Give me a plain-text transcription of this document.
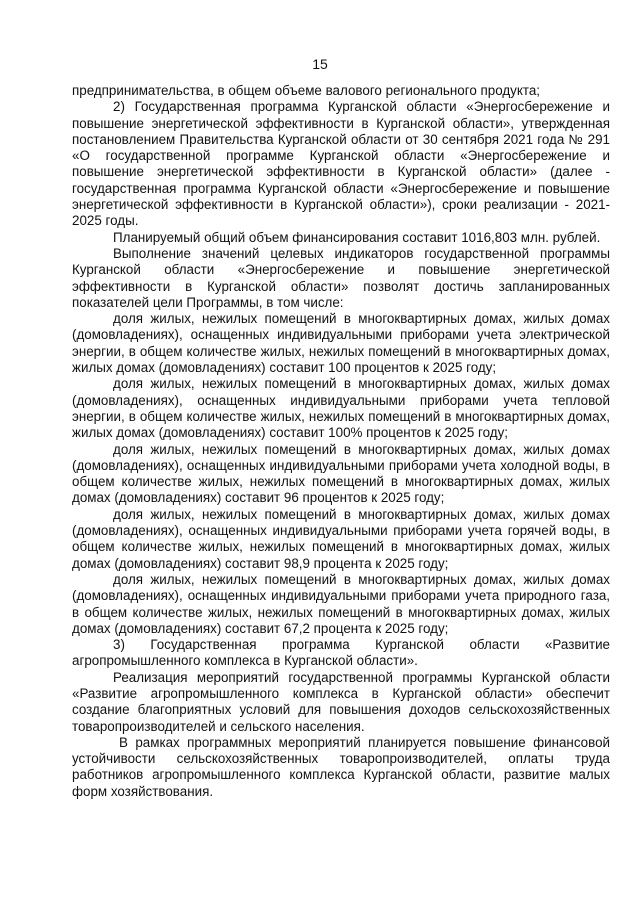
15

предпринимательства, в общем объеме валового регионального продукта;

2) Государственная программа Курганской области «Энергосбережение и повышение энергетической эффективности в Курганской области», утвержденная постановлением Правительства Курганской области от 30 сентября 2021 года № 291 «О государственной программе Курганской области «Энергосбережение и повышение энергетической эффективности в Курганской области» (далее - государственная программа Курганской области «Энергосбережение и повышение энергетической эффективности в Курганской области»), сроки реализации - 2021-2025 годы.

Планируемый общий объем финансирования составит 1016,803 млн. рублей.

Выполнение значений целевых индикаторов государственной программы Курганской области «Энергосбережение и повышение энергетической эффективности в Курганской области» позволят достичь запланированных показателей цели Программы, в том числе:

доля жилых, нежилых помещений в многоквартирных домах, жилых домах (домовладениях), оснащенных индивидуальными приборами учета электрической энергии, в общем количестве жилых, нежилых помещений в многоквартирных домах, жилых домах (домовладениях) составит 100 процентов к 2025 году;

доля жилых, нежилых помещений в многоквартирных домах, жилых домах (домовладениях), оснащенных индивидуальными приборами учета тепловой энергии, в общем количестве жилых, нежилых помещений в многоквартирных домах, жилых домах (домовладениях) составит 100% процентов к 2025 году;

доля жилых, нежилых помещений в многоквартирных домах, жилых домах (домовладениях), оснащенных индивидуальными приборами учета холодной воды, в общем количестве жилых, нежилых помещений в многоквартирных домах, жилых домах (домовладениях) составит 96 процентов к 2025 году;

доля жилых, нежилых помещений в многоквартирных домах, жилых домах (домовладениях), оснащенных индивидуальными приборами учета горячей воды, в общем количестве жилых, нежилых помещений в многоквартирных домах, жилых домах (домовладениях) составит 98,9 процента к 2025 году;

доля жилых, нежилых помещений в многоквартирных домах, жилых домах (домовладениях), оснащенных индивидуальными приборами учета природного газа, в общем количестве жилых, нежилых помещений в многоквартирных домах, жилых домах (домовладениях) составит 67,2 процента к 2025 году;

3) Государственная программа Курганской области «Развитие агропромышленного комплекса в Курганской области».

Реализация мероприятий государственной программы Курганской области «Развитие агропромышленного комплекса в Курганской области» обеспечит создание благоприятных условий для повышения доходов сельскохозяйственных товаропроизводителей и сельского населения.

В рамках программных мероприятий планируется повышение финансовой устойчивости сельскохозяйственных товаропроизводителей, оплаты труда работников агропромышленного комплекса Курганской области, развитие малых форм хозяйствования.
